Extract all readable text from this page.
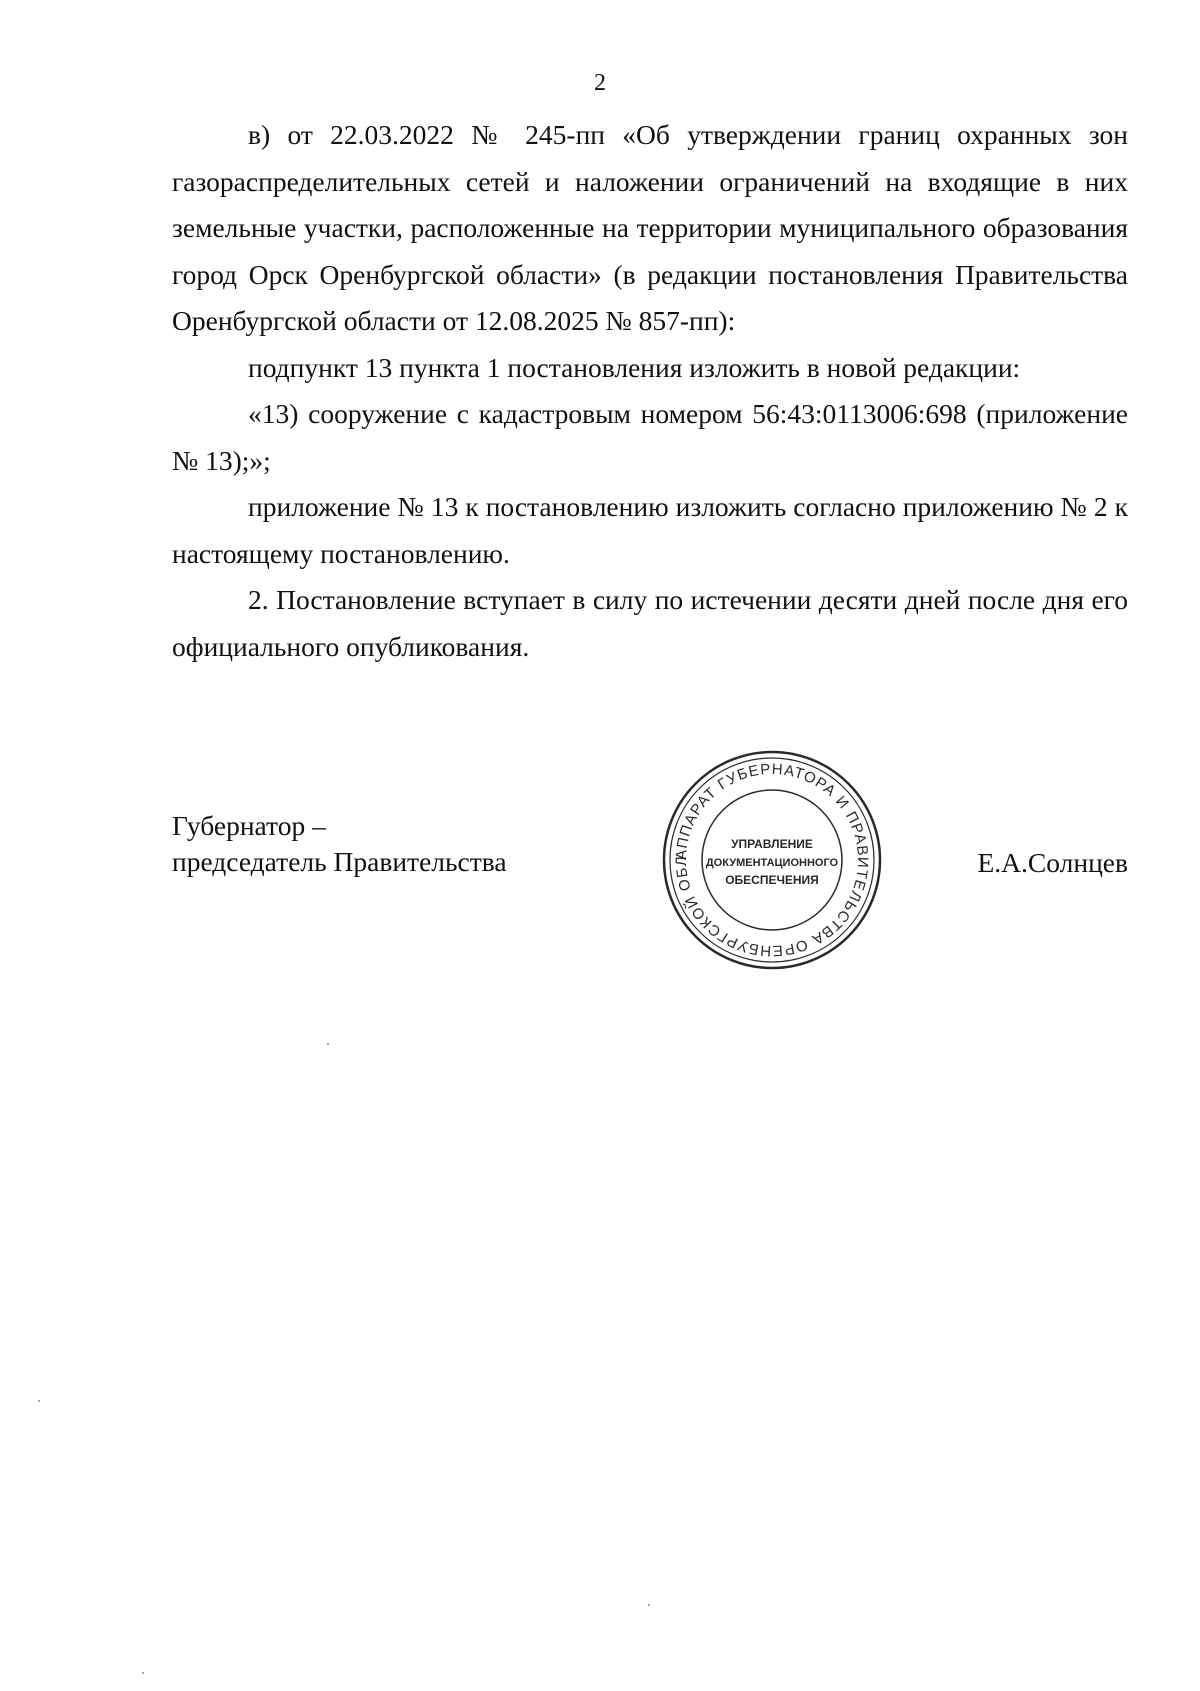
2

в) от 22.03.2022 № 245-пп «Об утверждении границ охранных зон газораспределительных сетей и наложении ограничений на входящие в них земельные участки, расположенные на территории муниципального образования город Орск Оренбургской области» (в редакции постановления Правительства Оренбургской области от 12.08.2025 № 857-пп):

подпункт 13 пункта 1 постановления изложить в новой редакции:

«13) сооружение с кадастровым номером 56:43:0113006:698 (приложение № 13);»;

приложение № 13 к постановлению изложить согласно приложению № 2 к настоящему постановлению.

2. Постановление вступает в силу по истечении десяти дней после дня его официального опубликования.

Губернатор –
председатель Правительства	АППАРАТ ГУБЕРНАТОРА И ПРАВИТЕЛЬСТВА ОРЕНБУРГСКОЙ ОБЛ
УПРАВЛЕНИЕ
ДОКУМЕНТАЦИОННОГО
ОБЕСПЕЧЕНИЯ
Е.А.Солнцев
